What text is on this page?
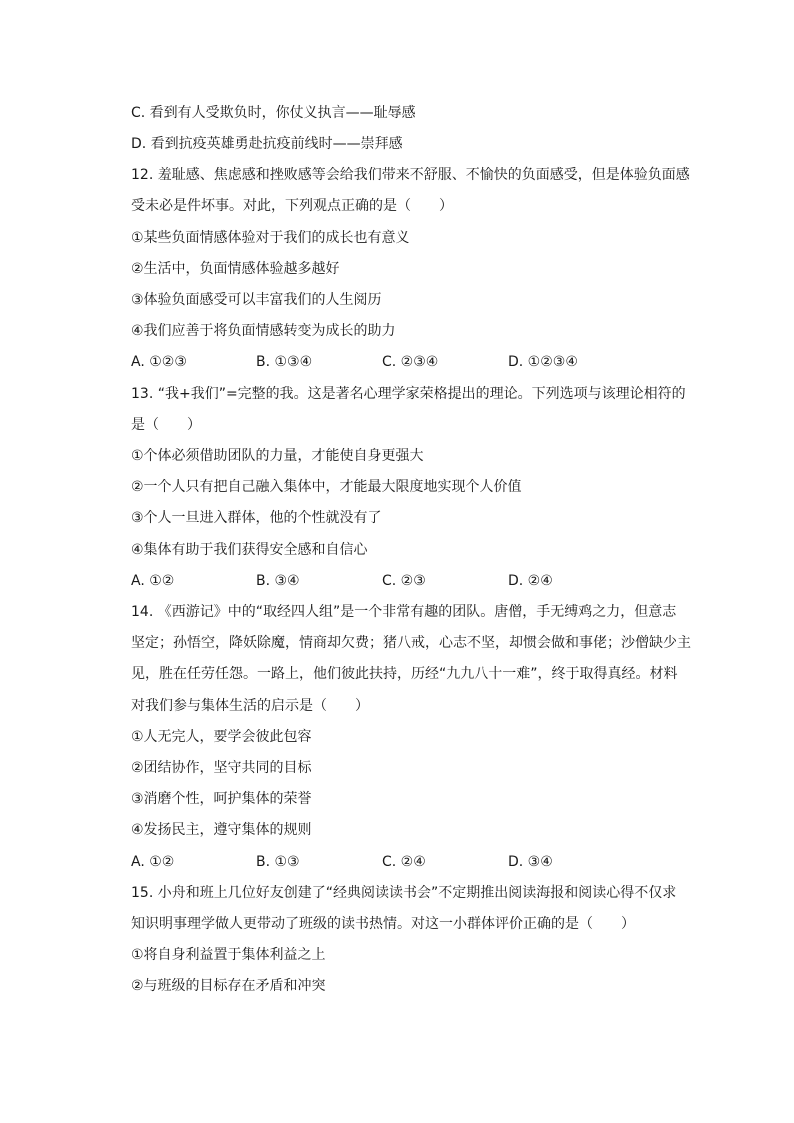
C. 看到有人受欺负时，你仗义执言——耻辱感
D. 看到抗疫英雄勇赴抗疫前线时——崇拜感
12. 羞耻感、焦虑感和挫败感等会给我们带来不舒服、不愉快的负面感受，但是体验负面感
受未必是件坏事。对此，下列观点正确的是（　　）
①某些负面情感体验对于我们的成长也有意义
②生活中，负面情感体验越多越好
③体验负面感受可以丰富我们的人生阅历
④我们应善于将负面情感转变为成长的助力
A. ①②③	B. ①③④	C. ②③④	D. ①②③④
13. “我+我们”=完整的我。这是著名心理学家荣格提出的理论。下列选项与该理论相符的
是（　　）
①个体必须借助团队的力量，才能使自身更强大
②一个人只有把自己融入集体中，才能最大限度地实现个人价值
③个人一旦进入群体，他的个性就没有了
④集体有助于我们获得安全感和自信心
A. ①②	B. ③④	C. ②③	D. ②④
14. 《西游记》中的“取经四人组”是一个非常有趣的团队。唐僧，手无缚鸡之力，但意志
坚定；孙悟空，降妖除魔，情商却欠费；猪八戒，心志不坚，却惯会做和事佬；沙僧缺少主
见，胜在任劳任怨。一路上，他们彼此扶持，历经“九九八十一难”，终于取得真经。材料
对我们参与集体生活的启示是（　　）
①人无完人，要学会彼此包容
②团结协作，坚守共同的目标
③消磨个性，呵护集体的荣誉
④发扬民主，遵守集体的规则
A. ①②	B. ①③	C. ②④	D. ③④
15. 小舟和班上几位好友创建了“经典阅读读书会”不定期推出阅读海报和阅读心得不仅求
知识明事理学做人更带动了班级的读书热情。对这一小群体评价正确的是（　　）
①将自身利益置于集体利益之上
②与班级的目标存在矛盾和冲突
